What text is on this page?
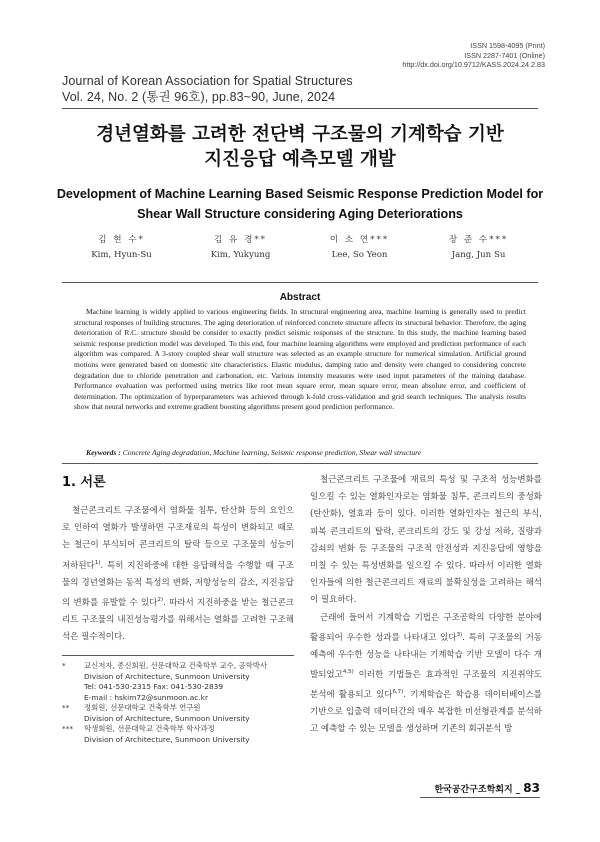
ISSN 1598-4095 (Print)
ISSN 2287-7401 (Online)
http://dx.doi.org/10.9712/KASS.2024.24.2.83
Journal of Korean Association for Spatial Structures
Vol. 24, No. 2 (통권 96호), pp.83~90, June, 2024
경년열화를 고려한 전단벽 구조물의 기계학습 기반
지진응답 예측모델 개발
Development of Machine Learning Based Seismic Response Prediction Model for
Shear Wall Structure considering Aging Deteriorations
김 현 수*
Kim, Hyun-Su
김 유 경**
Kim, Yukyung
이 소 연***
Lee, So Yeon
장 준 수***
Jang, Jun Su
Abstract
Machine learning is widely applied to various engineering fields. In structural engineering area, machine learning is generally used to predict structural responses of building structures. The aging deterioration of reinforced concrete structure affects its structural behavior. Therefore, the aging deterioration of R.C. structure should be consider to exactly predict seismic responses of the structure. In this study, the machine learning based seismic response prediction model was developed. To this end, four machine learning algorithms were employed and prediction performance of each algorithm was compared. A 3-story coupled shear wall structure was selected as an example structure for numerical simulation. Artificial ground motions were generated based on domestic site characteristics. Elastic modulus, damping ratio and density were changed to considering concrete degradation due to chloride penetration and carbonation, etc. Various intensity measures were used input parameters of the training database. Performance evaluation was performed using metrics like root mean square error, mean square error, mean absolute error, and coefficient of determination. The optimization of hyperparameters was achieved through k-fold cross-validation and grid search techniques. The analysis results show that neural networks and extreme gradient boosting algorithms present good prediction performance.
Keywords : Concrete Aging degradation, Machine learning, Seismic response prediction, Shear wall structure
1. 서론

철근콘크리트 구조물에서 염화물 침투, 탄산화 등의 요인으로 인하여 열화가 발생하면 구조재료의 특성이 변화되고 때로는 철근이 부식되어 콘크리트의 탈락 등으로 구조물의 성능이 저하된다$^{1)}$. 특히 지진하중에 대한 응답해석을 수행할 때 구조물의 경년열화는 동적 특성의 변화, 저항성능의 감소, 지진응답의 변화를 유발할 수 있다$^{2)}$. 따라서 지진하중을 받는 철근콘크리트 구조물의 내진성능평가를 위해서는 열화를 고려한 구조해석은 필수적이다.

*	교신저자, 종신회원, 선문대학교 건축학부 교수, 공학박사
Division of Architecture, Sunmoon University
Tel: 041-530-2315 Fax: 041-530-2839
E-mail : hskim72@sunmoon.ac.kr
**	정회원, 선문대학교 건축학부 연구원
Division of Architecture, Sunmoon University
***	학생회원, 선문대학교 건축학부 학사과정
Division of Architecture, Sunmoon University

철근콘크리트 구조물에 재료의 특성 및 구조적 성능변화를 일으킬 수 있는 열화인자로는 염화물 침투, 콘크리트의 중성화(탄산화), 열효과 등이 있다. 이러한 열화인자는 철근의 부식, 피복 콘크리트의 탈락, 콘크리트의 강도 및 강성 저하, 질량과 감쇠의 변화 등 구조물의 구조적 안전성과 지진응답에 영향을 미칠 수 있는 특성변화를 일으킬 수 있다. 따라서 이러한 열화인자들에 의한 철근콘크리트 재료의 불확실성을 고려하는 해석이 필요하다.

근래에 들어서 기계학습 기법은 구조공학의 다양한 분야에 활용되어 우수한 성과를 나타내고 있다$^{3)}$. 특히 구조물의 거동예측에 우수한 성능을 나타내는 기계학습 기반 모델이 다수 개발되었고$^{4,5)}$ 이러한 기법들은 효과적인 구조물의 지진취약도 분석에 활용되고 있다$^{6,7)}$. 기계학습은 학습용 데이터베이스를 기반으로 입출력 데이터간의 매우 복잡한 비선형관계를 분석하고 예측할 수 있는 모델을 생성하며 기존의 회귀분석 방

한국공간구조학회지 _ 83
